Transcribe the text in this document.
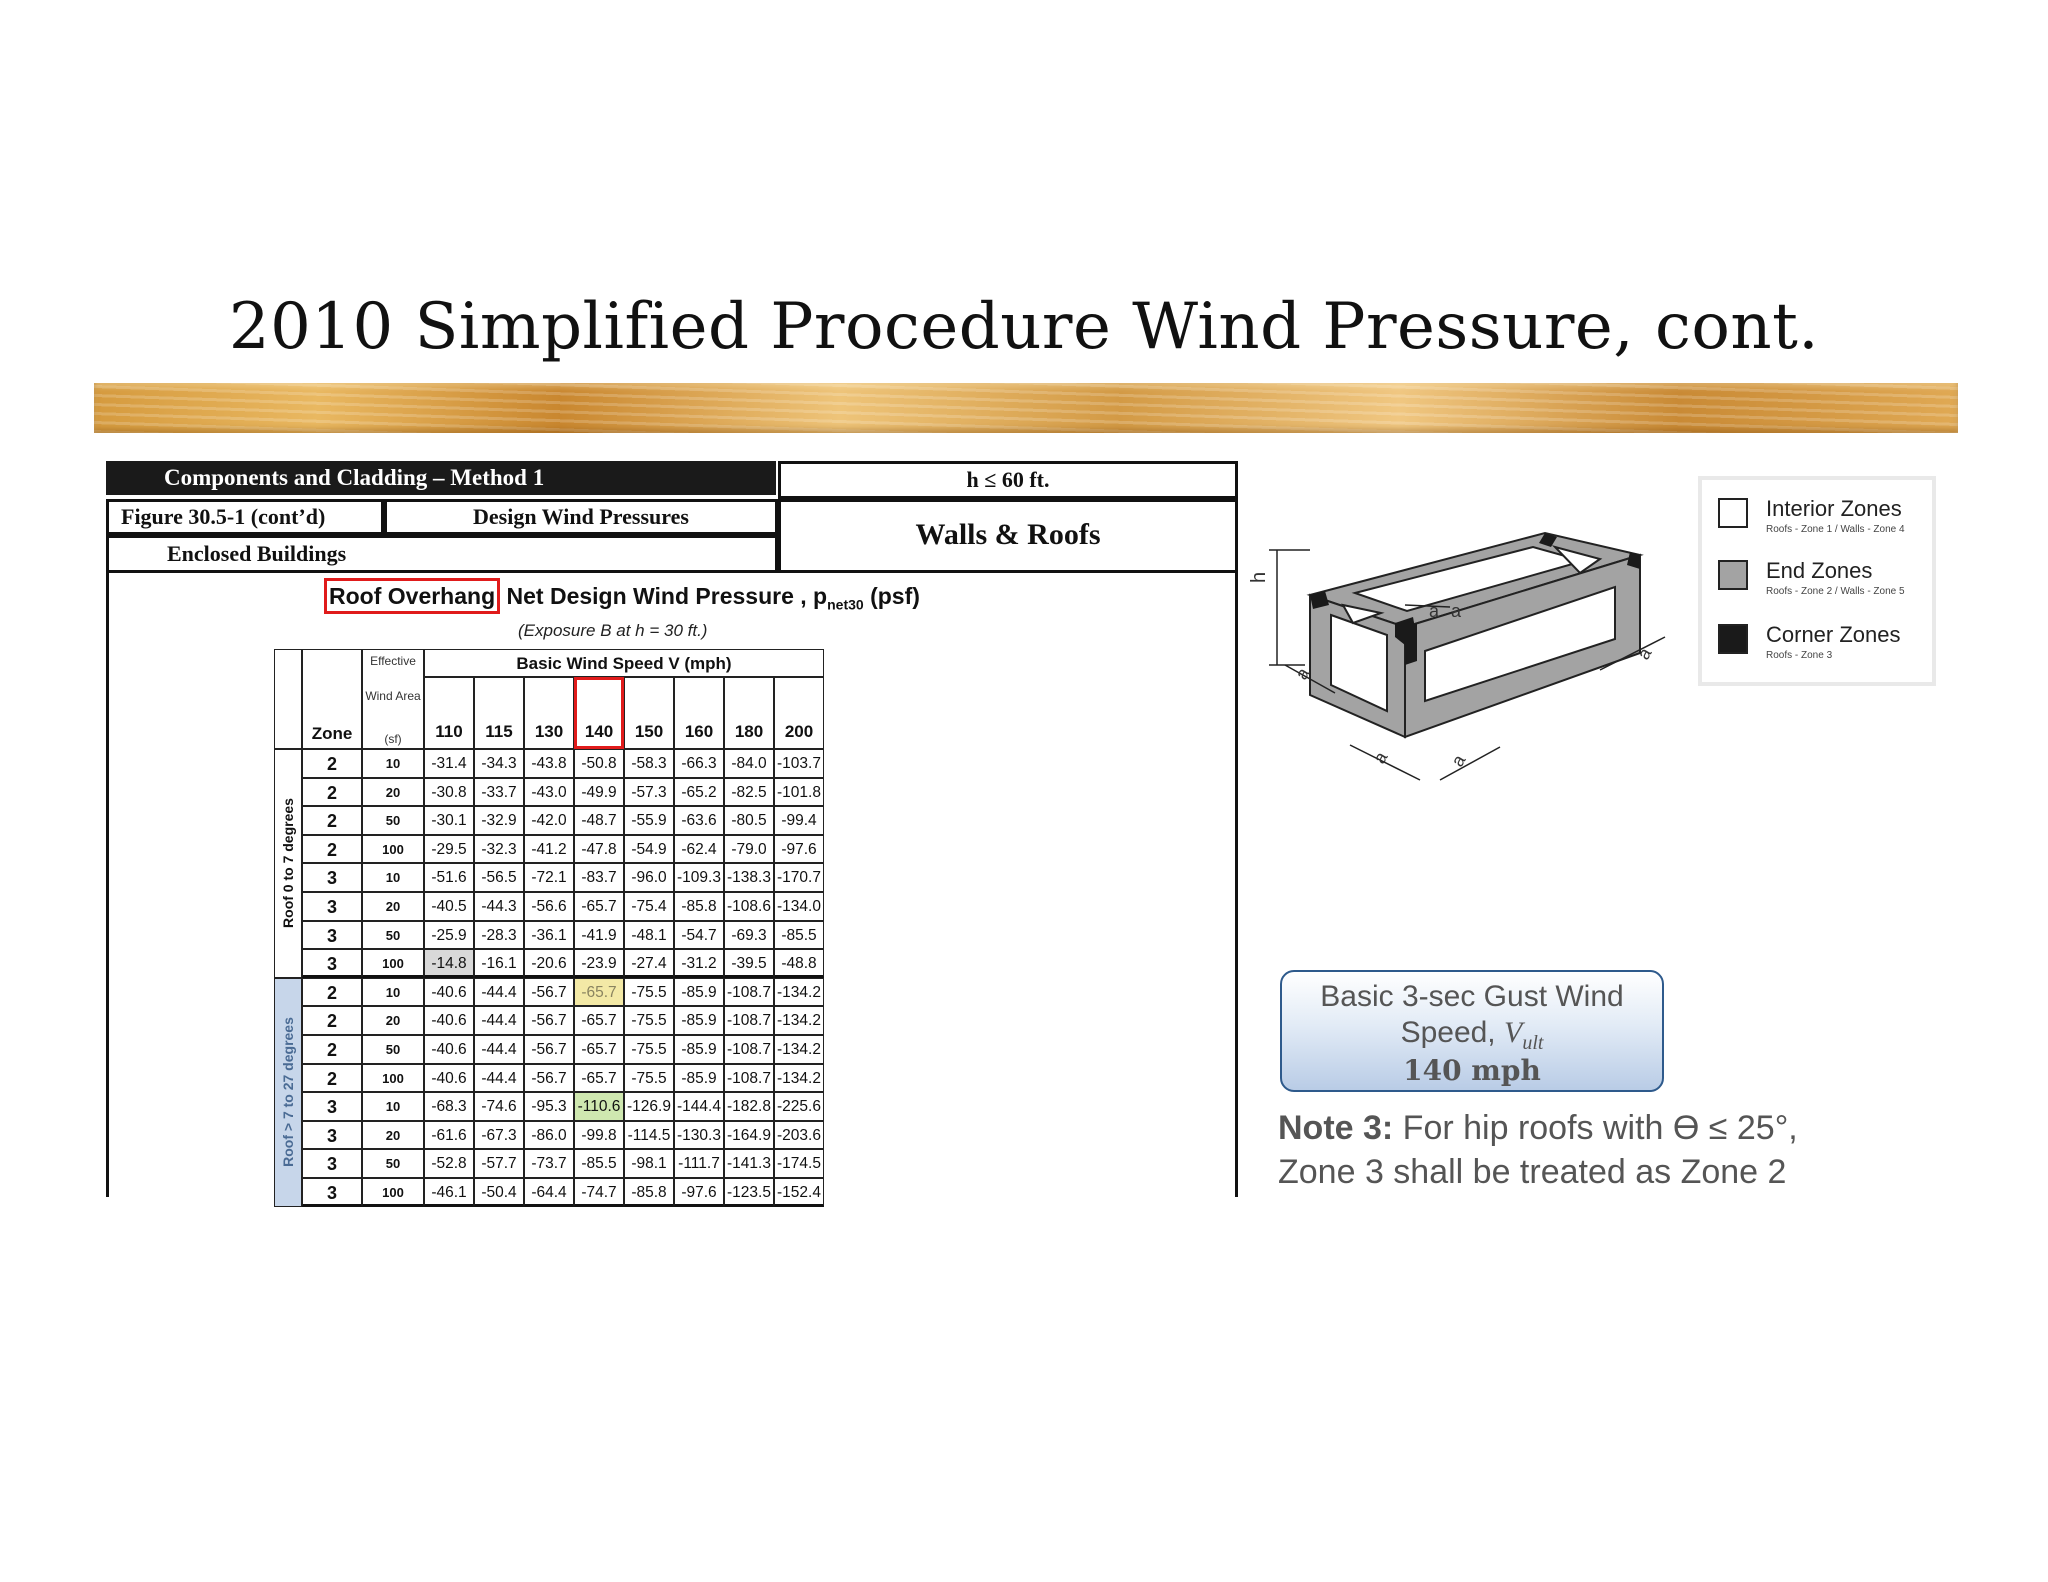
2010 Simplified Procedure Wind Pressure, cont.
Components and Cladding – Method 1	h ≤ 60 ft.
Figure 30.5-1 (cont’d)	Design Wind Pressures
Walls & Roofs
Enclosed Buildings
Roof Overhang Net Design Wind Pressure , $p_{net30}$ (psf)
(Exposure B at h = 30 ft.)
Zone
Effective
Wind Area
(sf)
Basic Wind Speed V (mph)
110	115	130	140	150	160	180	200
Roof 0 to 7 degrees
2	10	-31.4 -34.3 -43.8 -50.8 -58.3 -66.3 -84.0 -103.7
2	20	-30.8 -33.7 -43.0 -49.9 -57.3 -65.2 -82.5 -101.8
2	50	-30.1 -32.9 -42.0 -48.7 -55.9 -63.6 -80.5 -99.4
2	100	-29.5 -32.3 -41.2 -47.8 -54.9 -62.4 -79.0 -97.6
3	10	-51.6 -56.5 -72.1 -83.7 -96.0 -109.3 -138.3 -170.7
3	20	-40.5 -44.3 -56.6 -65.7 -75.4 -85.8 -108.6 -134.0
3	50	-25.9 -28.3 -36.1 -41.9 -48.1 -54.7 -69.3 -85.5
3	100	-14.8 -16.1 -20.6 -23.9 -27.4 -31.2 -39.5 -48.8
Roof > 7 to 27 degrees
2	10	-40.6 -44.4 -56.7 -65.7 -75.5 -85.9 -108.7 -134.2
2	20	-40.6 -44.4 -56.7 -65.7 -75.5 -85.9 -108.7 -134.2
2	50	-40.6 -44.4 -56.7 -65.7 -75.5 -85.9 -108.7 -134.2
2	100	-40.6 -44.4 -56.7 -65.7 -75.5 -85.9 -108.7 -134.2
3	10	-68.3 -74.6 -95.3 -110.6 -126.9 -144.4 -182.8 -225.6
3	20	-61.6 -67.3 -86.0 -99.8 -114.5 -130.3 -164.9 -203.6
3	50	-52.8 -57.7 -73.7 -85.5 -98.1 -111.7 -141.3 -174.5
3	100	-46.1 -50.4 -64.4 -74.7 -85.8 -97.6 -123.5 -152.4
h
a
a	a
a
a
a
Interior Zones
Roofs - Zone 1 / Walls - Zone 4
End Zones
Roofs - Zone 2 / Walls - Zone 5
Corner Zones
Roofs - Zone 3
Basic 3-sec Gust Wind
Speed, $V_{ult}$
140 mph
Note 3: For hip roofs with ϴ ≤ 25°, Zone 3 shall be treated as Zone 2
